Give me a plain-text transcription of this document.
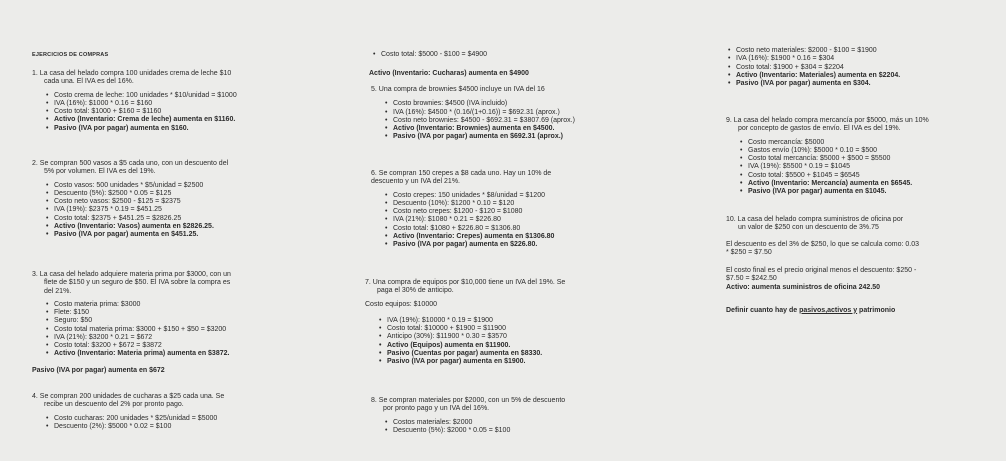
EJERCICIOS DE COMPRAS
1. La casa del helado compra 100 unidades crema de leche $10
cada una. El IVA es del 16%.
• Costo crema de leche: 100 unidades * $10/unidad = $1000
• IVA (16%): $1000 * 0.16 = $160
• Costo total: $1000 + $160 = $1160
• Activo (Inventario: Crema de leche) aumenta en $1160.
• Pasivo (IVA por pagar) aumenta en $160.
2. Se compran 500 vasos a $5 cada uno, con un descuento del
5% por volumen. El IVA es del 19%.
• Costo vasos: 500 unidades * $5/unidad = $2500
• Descuento (5%): $2500 * 0.05 = $125
• Costo neto vasos: $2500 - $125 = $2375
• IVA (19%): $2375 * 0.19 = $451.25
• Costo total: $2375 + $451.25 = $2826.25
• Activo (Inventario: Vasos) aumenta en $2826.25.
• Pasivo (IVA por pagar) aumenta en $451.25.
3. La casa del helado adquiere materia prima por $3000, con un
flete de $150 y un seguro de $50. El IVA sobre la compra es
del 21%.
• Costo materia prima: $3000
• Flete: $150
• Seguro: $50
• Costo total materia prima: $3000 + $150 + $50 = $3200
• IVA (21%): $3200 * 0.21 = $672
• Costo total: $3200 + $672 = $3872
• Activo (Inventario: Materia prima) aumenta en $3872.
Pasivo (IVA por pagar) aumenta en $672
4. Se compran 200 unidades de cucharas a $25 cada una. Se
recibe un descuento del 2% por pronto pago.
• Costo cucharas: 200 unidades * $25/unidad = $5000
• Descuento (2%): $5000 * 0.02 = $100
• Costo total: $5000 - $100 = $4900
Activo (Inventario: Cucharas) aumenta en $4900
5. Una compra de brownies $4500 incluye un IVA del 16
• Costo brownies: $4500 (IVA incluido)
• IVA (16%): $4500 * (0.16/(1+0.16)) = $692.31 (aprox.)
• Costo neto brownies: $4500 - $692.31 = $3807.69 (aprox.)
• Activo (Inventario: Brownies) aumenta en $4500.
• Pasivo (IVA por pagar) aumenta en $692.31 (aprox.)
6. Se compran 150 crepes a $8 cada uno. Hay un 10% de
descuento y un IVA del 21%.
• Costo crepes: 150 unidades * $8/unidad = $1200
• Descuento (10%): $1200 * 0.10 = $120
• Costo neto crepes: $1200 - $120 = $1080
• IVA (21%): $1080 * 0.21 = $226.80
• Costo total: $1080 + $226.80 = $1306.80
• Activo (Inventario: Crepes) aumenta en $1306.80
• Pasivo (IVA por pagar) aumenta en $226.80.
7. Una compra de equipos por $10,000 tiene un IVA del 19%. Se
paga el 30% de anticipo.
Costo equipos: $10000
• IVA (19%): $10000 * 0.19 = $1900
• Costo total: $10000 + $1900 = $11900
• Anticipo (30%): $11900 * 0.30 = $3570
• Activo (Equipos) aumenta en $11900.
• Pasivo (Cuentas por pagar) aumenta en $8330.
• Pasivo (IVA por pagar) aumenta en $1900.
8. Se compran materiales por $2000, con un 5% de descuento
por pronto pago y un IVA del 16%.
• Costos materiales: $2000
• Descuento (5%): $2000 * 0.05 = $100
• Costo neto materiales: $2000 - $100 = $1900
• IVA (16%): $1900 * 0.16 = $304
• Costo total: $1900 + $304 = $2204
• Activo (Inventario: Materiales) aumenta en $2204.
• Pasivo (IVA por pagar) aumenta en $304.
9. La casa del helado compra mercancía por $5000, más un 10%
por concepto de gastos de envío. El IVA es del 19%.
• Costo mercancía: $5000
• Gastos envío (10%): $5000 * 0.10 = $500
• Costo total mercancía: $5000 + $500 = $5500
• IVA (19%): $5500 * 0.19 = $1045
• Costo total: $5500 + $1045 = $6545
• Activo (Inventario: Mercancía) aumenta en $6545.
• Pasivo (IVA por pagar) aumenta en $1045.
10. La casa del helado compra suministros de oficina por
un valor de $250 con un descuento de 3%.75
El descuento es del 3% de $250, lo que se calcula como: 0.03
* $250 = $7.50
El costo final es el precio original menos el descuento: $250 -
$7.50 = $242.50
Activo: aumenta suministros de oficina 242.50
Definir cuanto hay de pasivos,activos y patrimonio
